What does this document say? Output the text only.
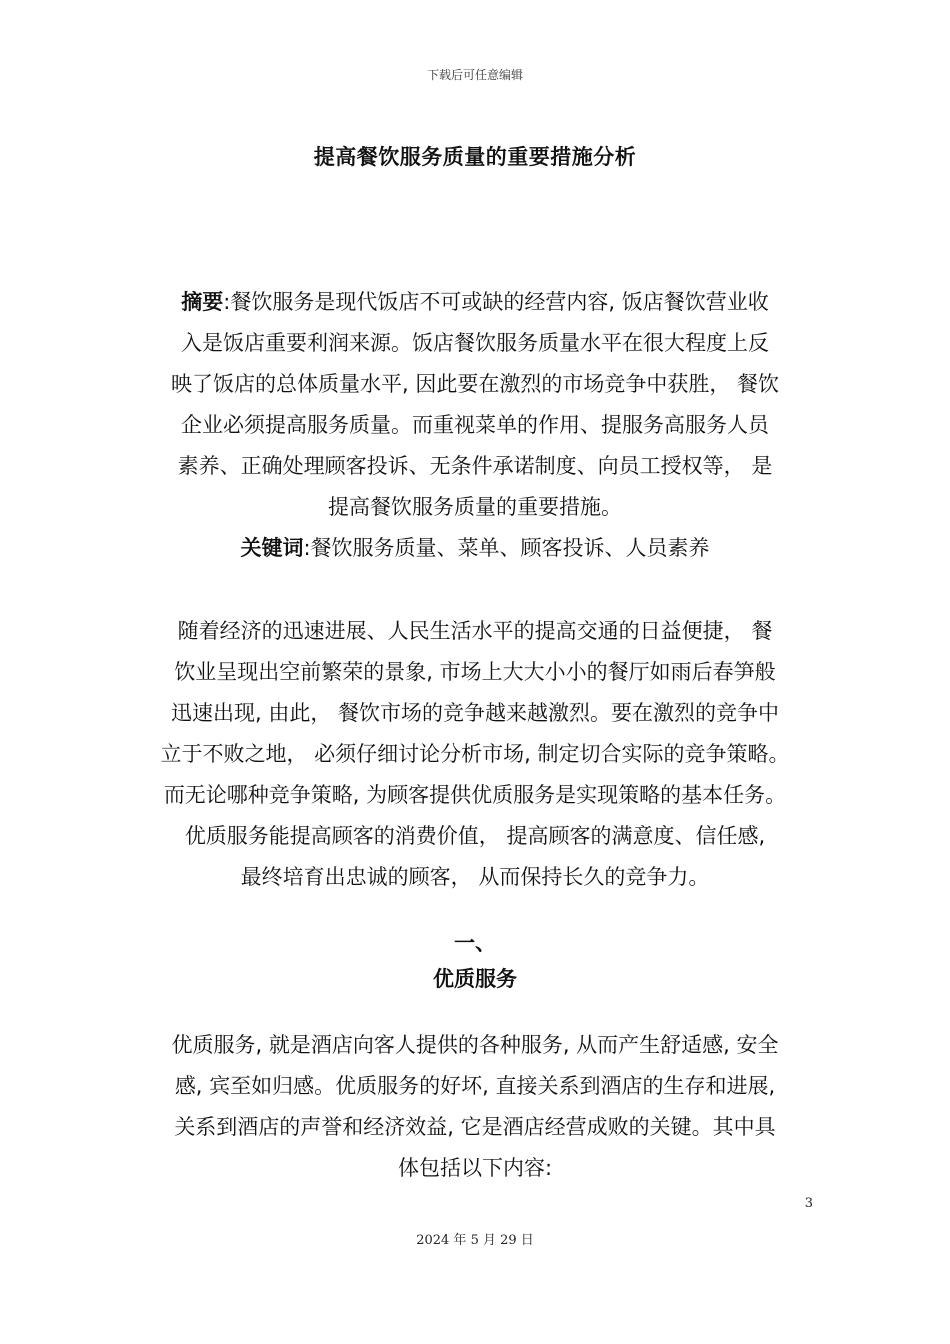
下载后可任意编辑
提高餐饮服务质量的重要措施分析

摘要:餐饮服务是现代饭店不可或缺的经营内容, 饭店餐饮营业收

入是饭店重要利润来源。饭店餐饮服务质量水平在很大程度上反

映了饭店的总体质量水平, 因此要在激烈的市场竞争中获胜， 餐饮

企业必须提高服务质量。而重视菜单的作用、提服务高服务人员

素养、正确处理顾客投诉、无条件承诺制度、向员工授权等， 是

提高餐饮服务质量的重要措施。

关键词:餐饮服务质量、菜单、顾客投诉、人员素养

随着经济的迅速进展、人民生活水平的提高交通的日益便捷， 餐

饮业呈现出空前繁荣的景象, 市场上大大小小的餐厅如雨后春笋般

迅速出现, 由此， 餐饮市场的竞争越来越激烈。要在激烈的竞争中

立于不败之地， 必须仔细讨论分析市场, 制定切合实际的竞争策略。

而无论哪种竞争策略, 为顾客提供优质服务是实现策略的基本任务。

优质服务能提高顾客的消费价值， 提高顾客的满意度、信任感,

最终培育出忠诚的顾客， 从而保持长久的竞争力。

一、
优质服务

优质服务, 就是酒店向客人提供的各种服务, 从而产生舒适感, 安全

感, 宾至如归感。优质服务的好坏, 直接关系到酒店的生存和进展,

关系到酒店的声誉和经济效益, 它是酒店经营成败的关键。其中具

体包括以下内容:

3
2024 年 5 月 29 日
